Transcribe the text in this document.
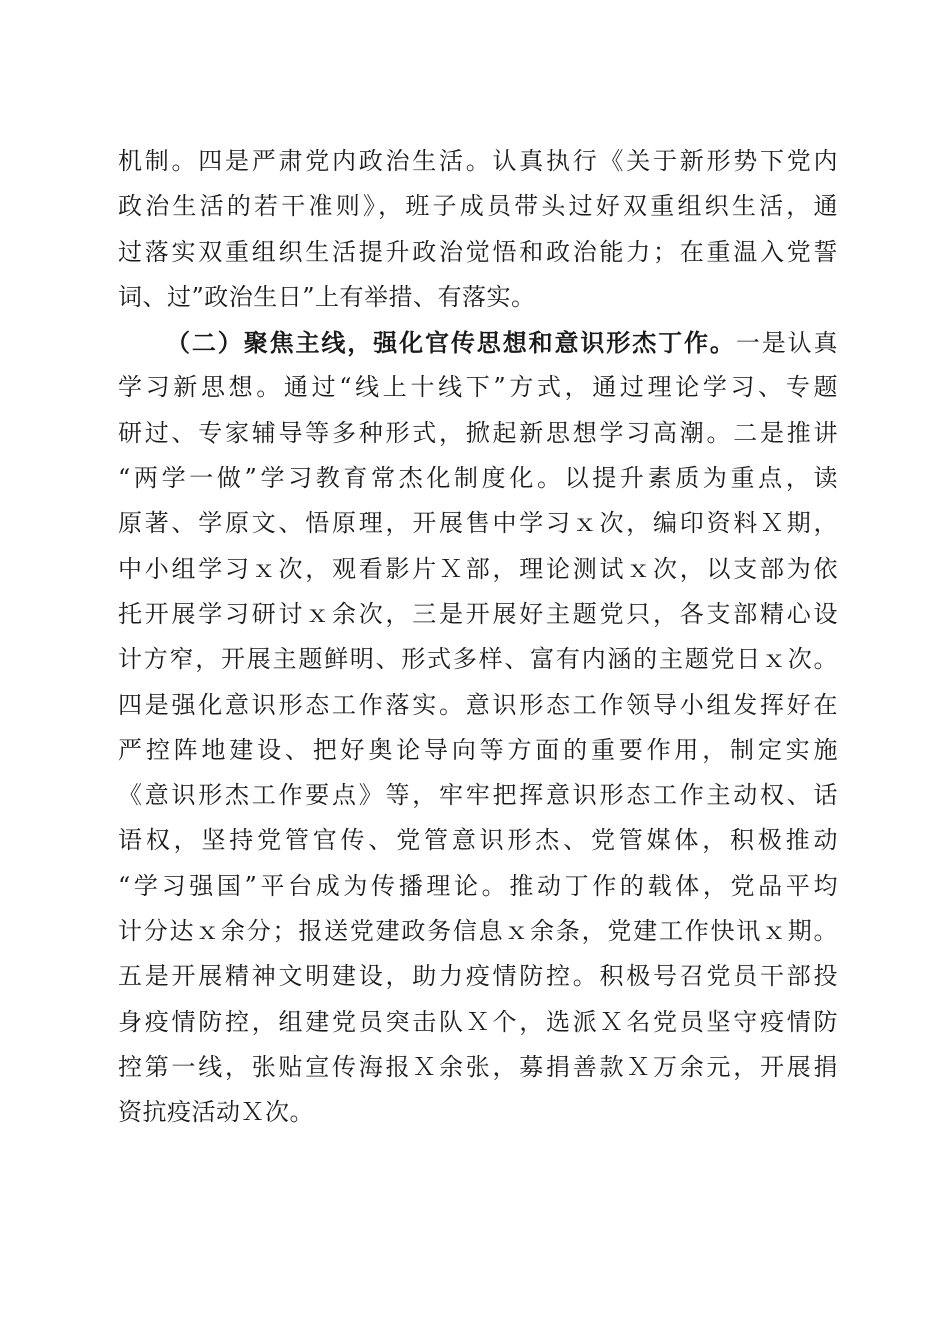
机制。四是严肃党内政治生活。认真执行《关于新形势下党内
政治生活的若干准则》，班子成员带头过好双重组织生活，通
过落实双重组织生活提升政治觉悟和政治能力；在重温入党誓
词、过”政治生日”上有举措、有落实。
（二）聚焦主线，强化官传思想和意识形杰丁作。一是认真
学习新思想。通过“线上十线下”方式，通过理论学习、专题
研过、专家辅导等多种形式，掀起新思想学习高潮。二是推讲
“两学一做”学习教育常杰化制度化。以提升素质为重点，读
原著、学原文、悟原理，开展售中学习ｘ次，编印资料Ｘ期，
中小组学习ｘ次，观看影片Ｘ部，理论测试ｘ次，以支部为依
托开展学习研讨ｘ余次，三是开展好主题党只，各支部精心设
计方窄，开展主题鲜明、形式多样、富有内涵的主题党日ｘ次。
四是强化意识形态工作落实。意识形态工作领导小组发挥好在
严控阵地建设、把好奥论导向等方面的重要作用，制定实施
《意识形杰工作要点》等，牢牢把挥意识形态工作主动权、话
语权，坚持党管官传、党管意识形杰、党管媒体，积极推动
“学习强国”平台成为传播理论。推动丁作的载体，党品平均
计分达ｘ余分；报送党建政务信息ｘ余条，党建工作快讯ｘ期。
五是开展精神文明建设，助力疫情防控。积极号召党员干部投
身疫情防控，组建党员突击队Ｘ个，选派Ｘ名党员坚守疫情防
控第一线，张贴宣传海报Ｘ余张，募捐善款Ｘ万余元，开展捐
资抗疫活动Ｘ次。
